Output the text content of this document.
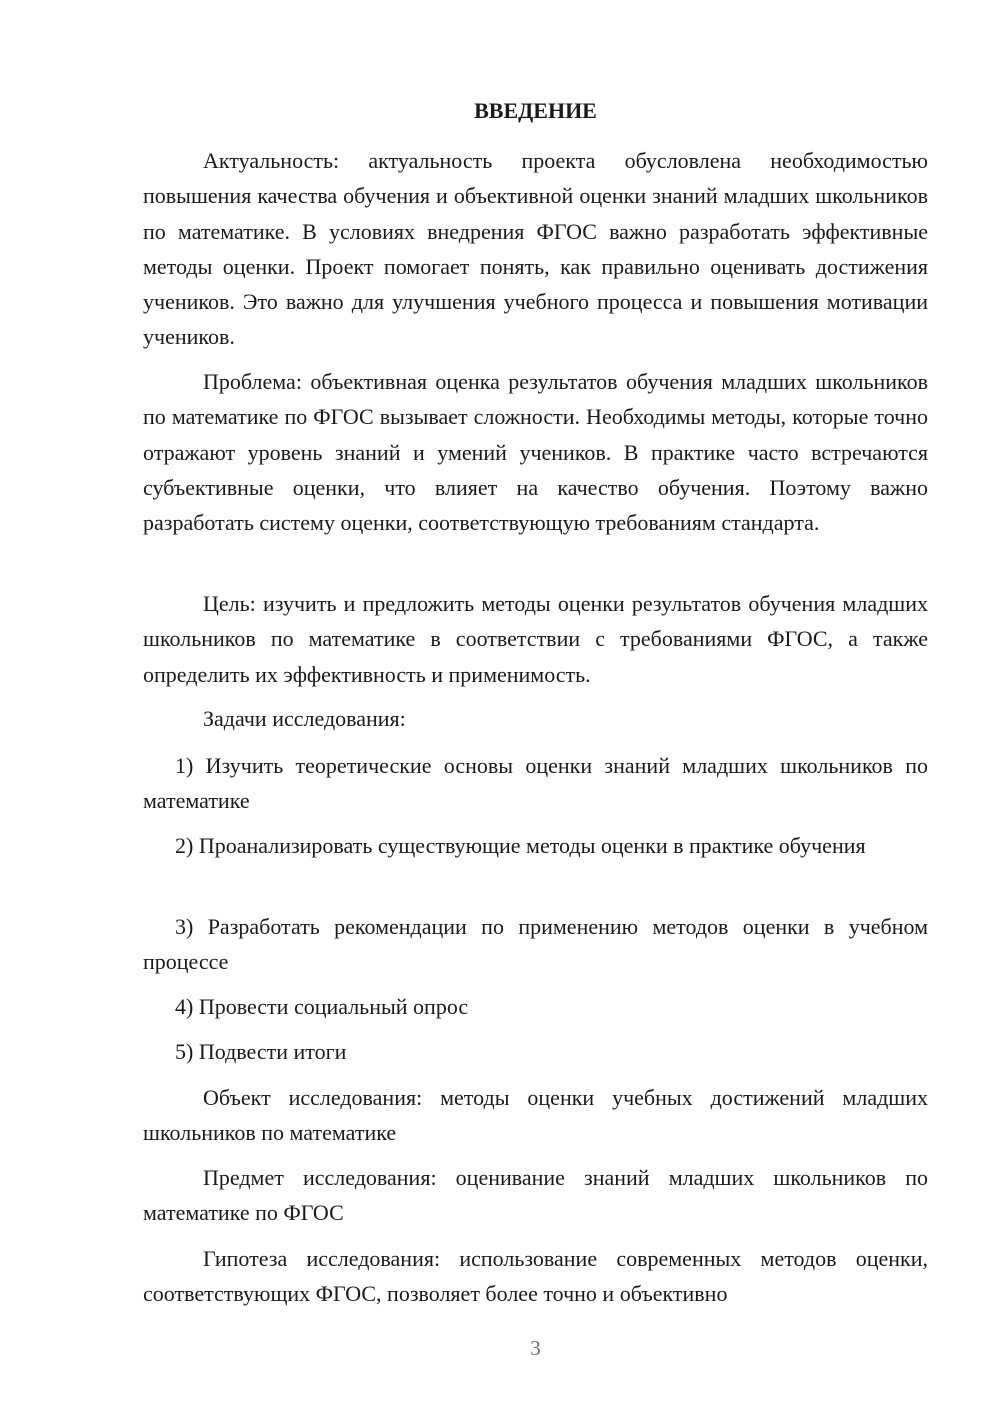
ВВЕДЕНИЕ

Актуальность: актуальность проекта обусловлена необходимостью повышения качества обучения и объективной оценки знаний младших школьников по математике. В условиях внедрения ФГОС важно разработать эффективные методы оценки. Проект помогает понять, как правильно оценивать достижения учеников. Это важно для улучшения учебного процесса и повышения мотивации учеников.

Проблема: объективная оценка результатов обучения младших школьников по математике по ФГОС вызывает сложности. Необходимы методы, которые точно отражают уровень знаний и умений учеников. В практике часто встречаются субъективные оценки, что влияет на качество обучения. Поэтому важно разработать систему оценки, соответствующую требованиям стандарта.

Цель: изучить и предложить методы оценки результатов обучения младших школьников по математике в соответствии с требованиями ФГОС, а также определить их эффективность и применимость.

Задачи исследования:

1) Изучить теоретические основы оценки знаний младших школьников по математике

2) Проанализировать существующие методы оценки в практике обучения

3) Разработать рекомендации по применению методов оценки в учебном процессе

4) Провести социальный опрос

5) Подвести итоги

Объект исследования: методы оценки учебных достижений младших школьников по математике

Предмет исследования: оценивание знаний младших школьников по математике по ФГОС

Гипотеза исследования: использование современных методов оценки, соответствующих ФГОС, позволяет более точно и объективно

3
